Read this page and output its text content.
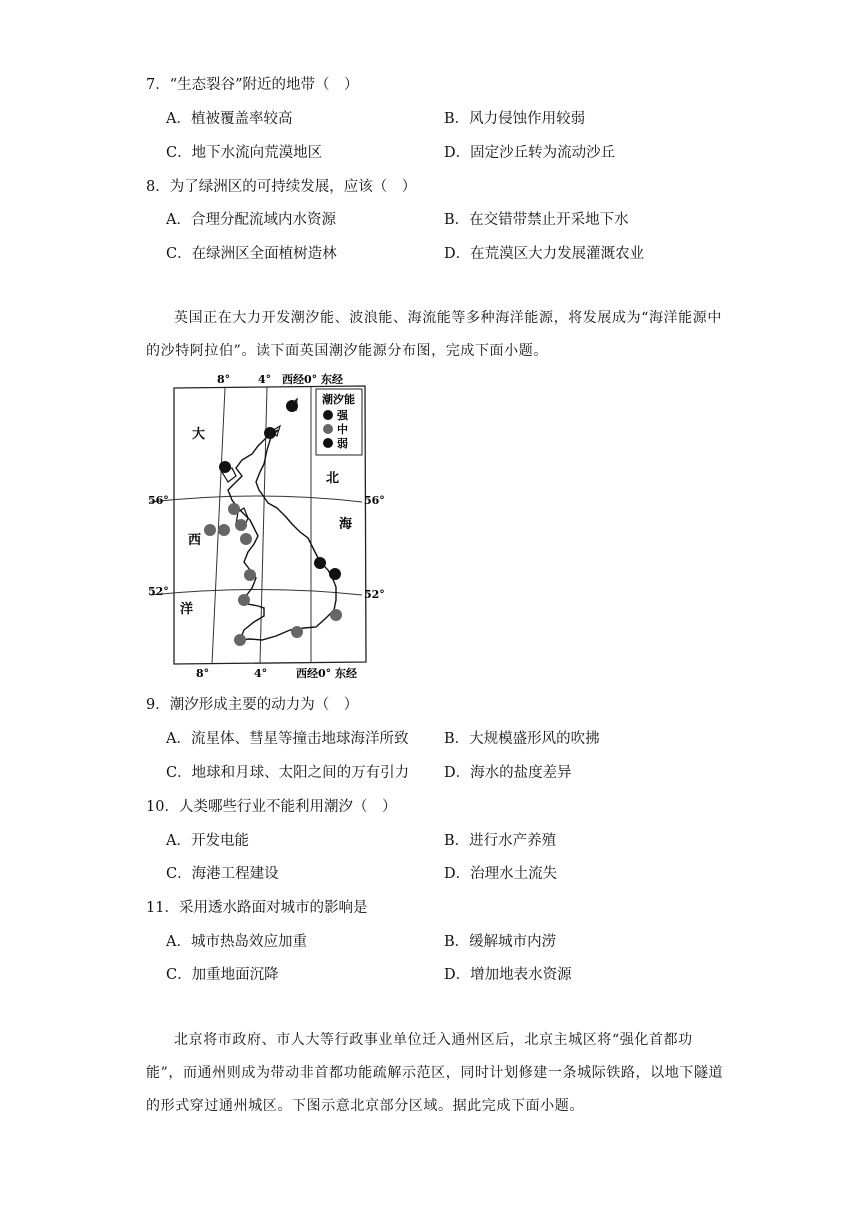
7．“生态裂谷”附近的地带（　）
A．植被覆盖率较高	B．风力侵蚀作用较弱
C．地下水流向荒漠地区	D．固定沙丘转为流动沙丘
8．为了绿洲区的可持续发展，应该（　）
A．合理分配流域内水资源	B．在交错带禁止开采地下水
C．在绿洲区全面植树造林	D．在荒漠区大力发展灌溉农业
英国正在大力开发潮汐能、波浪能、海流能等多种海洋能源，将发展成为“海洋能源中的沙特阿拉伯”。读下面英国潮汐能源分布图，完成下面小题。
潮汐能
强
中
弱
8°	4° 西经0° 东经
8°	4°	西经0° 东经
56°	56°
52°	52°
大
西
洋
北
海
9．潮汐形成主要的动力为（　）
A．流星体、彗星等撞击地球海洋所致 B．大规模盛形风的吹拂
C．地球和月球、太阳之间的万有引力 D．海水的盐度差异
10．人类哪些行业不能利用潮汐（　）
A．开发电能	B．进行水产养殖
C．海港工程建设	D．治理水土流失
11．采用透水路面对城市的影响是
A．城市热岛效应加重	B．缓解城市内涝
C．加重地面沉降	D．增加地表水资源
北京将市政府、市人大等行政事业单位迁入通州区后，北京主城区将“强化首都功能”，而通州则成为带动非首都功能疏解示范区，同时计划修建一条城际铁路，以地下隧道的形式穿过通州城区。下图示意北京部分区域。据此完成下面小题。
